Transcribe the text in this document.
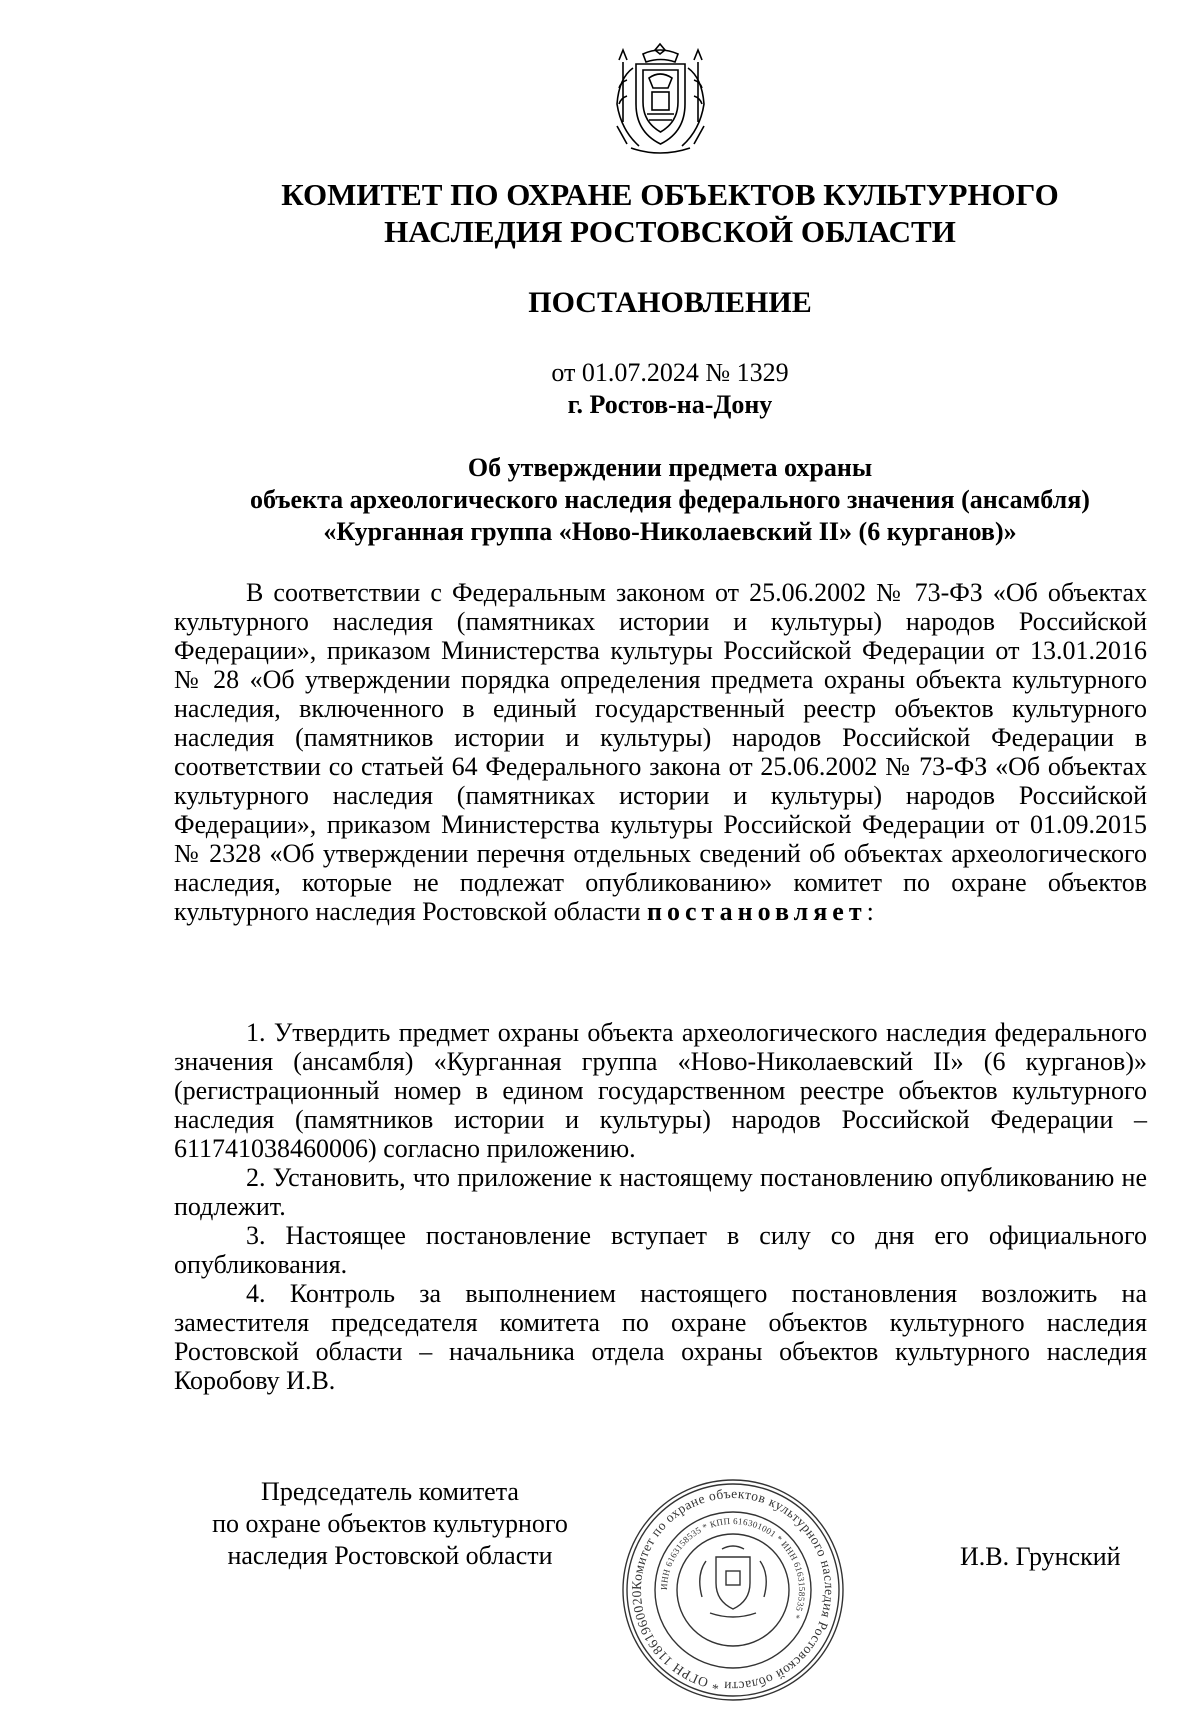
КОМИТЕТ ПО ОХРАНЕ ОБЪЕКТОВ КУЛЬТУРНОГО
НАСЛЕДИЯ РОСТОВСКОЙ ОБЛАСТИ
ПОСТАНОВЛЕНИЕ
от 01.07.2024 № 1329
г. Ростов-на-Дону
Об утверждении предмета охраны
объекта археологического наследия федерального значения (ансамбля)
«Курганная группа «Ново-Николаевский II» (6 курганов)»
В соответствии с Федеральным законом от 25.06.2002 № 73-ФЗ «Об объектах культурного наследия (памятниках истории и культуры) народов Российской Федерации», приказом Министерства культуры Российской Федерации от 13.01.2016 № 28 «Об утверждении порядка определения предмета охраны объекта культурного наследия, включенного в единый государственный реестр объектов культурного наследия (памятников истории и культуры) народов Российской Федерации в соответствии со статьей 64 Федерального закона от 25.06.2002 № 73-ФЗ «Об объектах культурного наследия (памятниках истории и культуры) народов Российской Федерации», приказом Министерства культуры Российской Федерации от 01.09.2015 № 2328 «Об утверждении перечня отдельных сведений об объектах археологического наследия, которые не подлежат опубликованию» комитет по охране объектов культурного наследия Ростовской области постановляет:

1. Утвердить предмет охраны объекта археологического наследия федерального значения (ансамбля) «Курганная группа «Ново-Николаевский II» (6 курганов)» (регистрационный номер в едином государственном реестре объектов культурного наследия (памятников истории и культуры) народов Российской Федерации – 611741038460006) согласно приложению.

2. Установить, что приложение к настоящему постановлению опубликованию не подлежит.

3. Настоящее постановление вступает в силу со дня его официального опубликования.

4. Контроль за выполнением настоящего постановления возложить на заместителя председателя комитета по охране объектов культурного наследия Ростовской области – начальника отдела охраны объектов культурного наследия Коробову И.В.

Председатель комитета
по охране объектов культурного
наследия Ростовской области
Комитет по охране объектов культурного наследия Ростовской области * ОГРН 11861960020
ИНН 6163158535 * КПП 616301001 * ИНН 6163158535 *
И.В. Грунский
